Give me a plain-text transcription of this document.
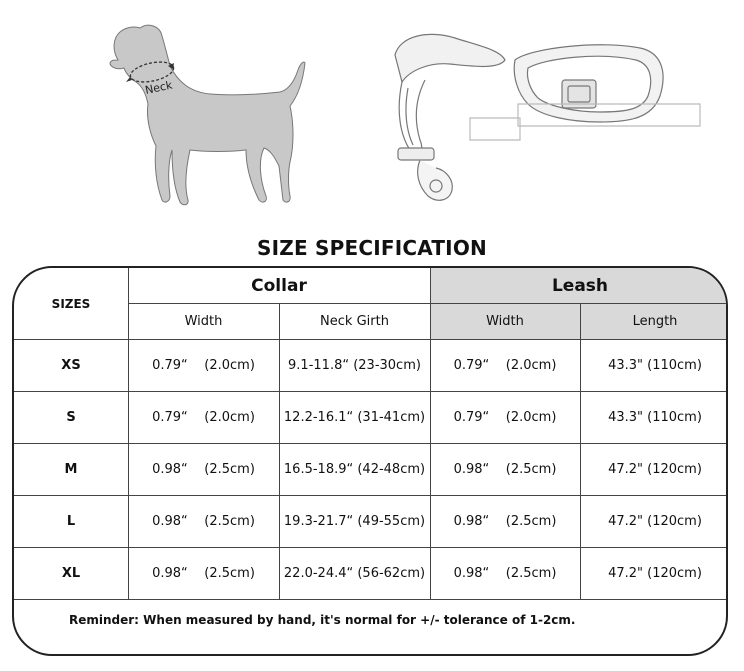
Neck
SIZE SPECIFICATION
SIZES
Collar	Leash
Width	Neck Girth	Width	Length
XS	0.79“    (2.0cm)	9.1-11.8“ (23-30cm)	0.79“    (2.0cm)	43.3" (110cm)
S	0.79“    (2.0cm)	12.2-16.1“ (31-41cm)	0.79“    (2.0cm)	43.3" (110cm)
M	0.98“    (2.5cm)	16.5-18.9“ (42-48cm)	0.98“    (2.5cm)	47.2" (120cm)
L	0.98“    (2.5cm)	19.3-21.7“ (49-55cm)	0.98“    (2.5cm)	47.2" (120cm)
XL	0.98“    (2.5cm)	22.0-24.4“ (56-62cm)	0.98“    (2.5cm)	47.2" (120cm)
Reminder: When measured by hand, it's normal for +/- tolerance of 1-2cm.
